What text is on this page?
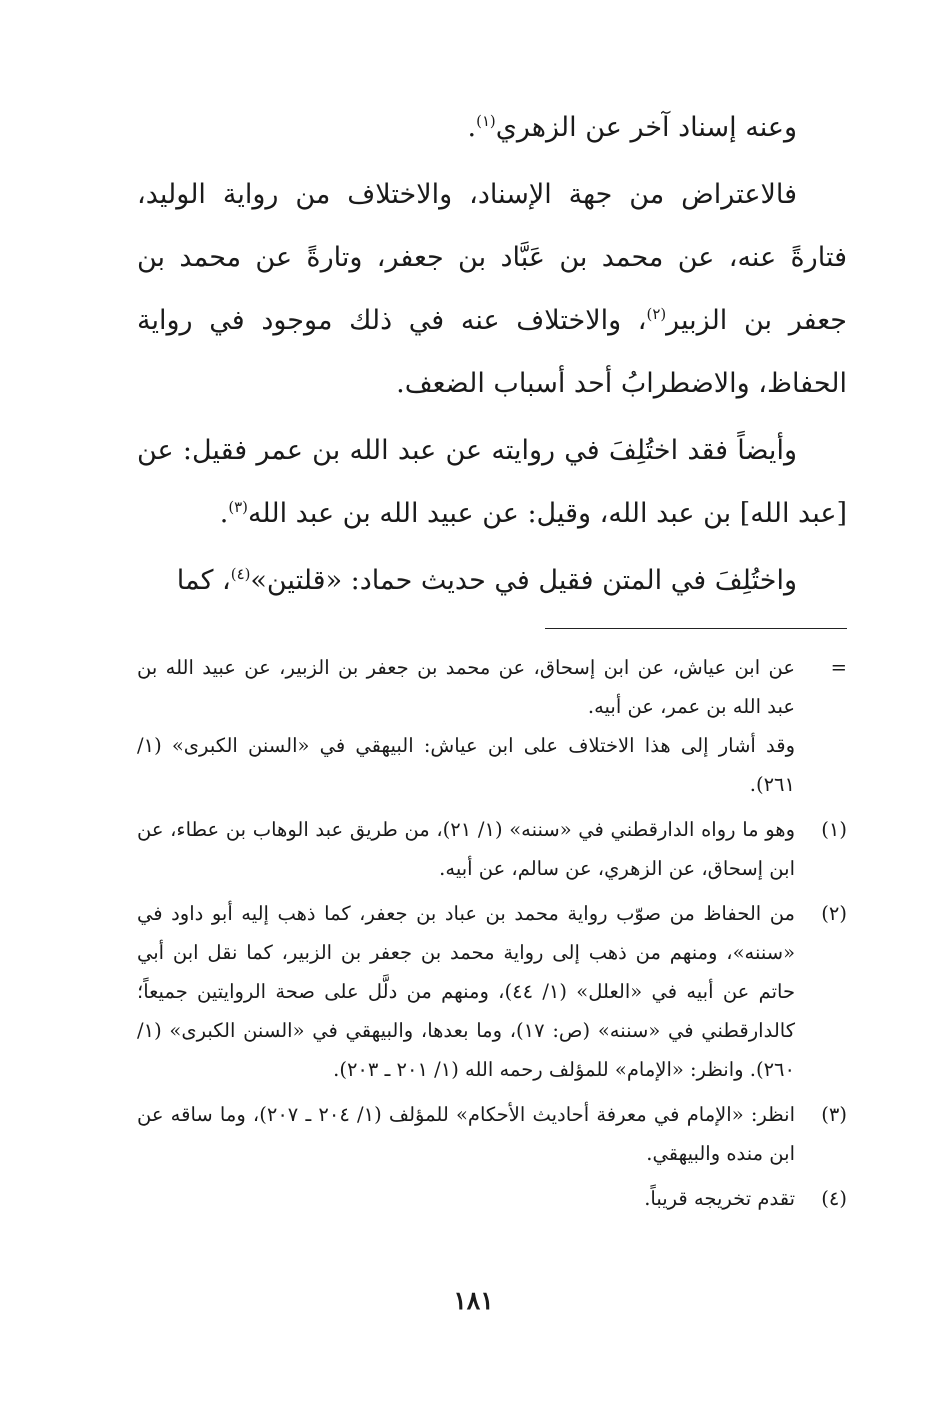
وعنه إسناد آخر عن الزهري$^{(١)}$.

فالاعتراض من جهة الإسناد، والاختلاف من رواية الوليد، فتارةً عنه، عن محمد بن عَبَّاد بن جعفر، وتارةً عن محمد بن جعفر بن الزبير$^{(٢)}$، والاختلاف عنه في ذلك موجود في رواية الحفاظ، والاضطرابُ أحد أسباب الضعف.

وأيضاً فقد اختُلِفَ في روايته عن عبد الله بن عمر فقيل: عن [عبد الله] بن عبد الله، وقيل: عن عبيد الله بن عبد الله$^{(٣)}$.

واختُلِفَ في المتن فقيل في حديث حماد: «قلتين»$^{(٤)}$، كما

=

عن ابن عياش، عن ابن إسحاق، عن محمد بن جعفر بن الزبير، عن عبيد الله بن عبد الله بن عمر، عن أبيه.

وقد أشار إلى هذا الاختلاف على ابن عياش: البيهقي في «السنن الكبرى» (١/ ٢٦١).

(١)

وهو ما رواه الدارقطني في «سننه» (١/ ٢١)، من طريق عبد الوهاب بن عطاء، عن ابن إسحاق، عن الزهري، عن سالم، عن أبيه.

(٢)

من الحفاظ من صوّب رواية محمد بن عباد بن جعفر، كما ذهب إليه أبو داود في «سننه»، ومنهم من ذهب إلى رواية محمد بن جعفر بن الزبير، كما نقل ابن أبي حاتم عن أبيه في «العلل» (١/ ٤٤)، ومنهم من دلَّل على صحة الروايتين جميعاً؛ كالدارقطني في «سننه» (ص: ١٧)، وما بعدها، والبيهقي في «السنن الكبرى» (١/ ٢٦٠). وانظر: «الإمام» للمؤلف رحمه الله (١/ ٢٠١ ـ ٢٠٣).

(٣)

انظر: «الإمام في معرفة أحاديث الأحكام» للمؤلف (١/ ٢٠٤ ـ ٢٠٧)، وما ساقه عن ابن منده والبيهقي.

(٤)

تقدم تخريجه قريباً.

١٨١
